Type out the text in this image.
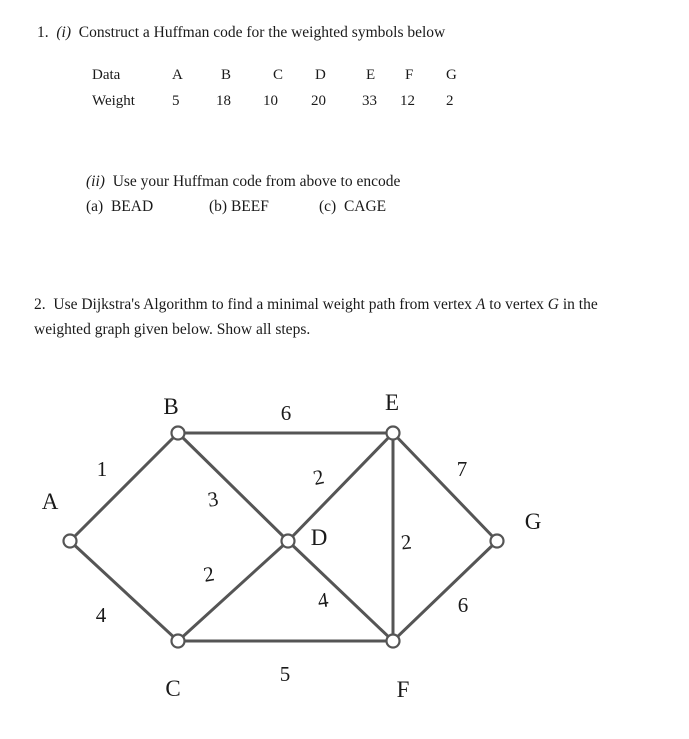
1. (i) Construct a Huffman code for the weighted symbols below
Data	A	B	C D	E F G
Weight 5 18 10 20 33 12 2
(ii) Use your Huffman code from above to encode
(a)  BEAD	(b) BEEF	(c)  CAGE
2.  Use Dijkstra's Algorithm to find a minimal weight path from vertex A to vertex G in the
weighted graph given below. Show all steps.
1
4
6
3
2
5
2
4
2
7
6
A
B
C
D
E
F
G
